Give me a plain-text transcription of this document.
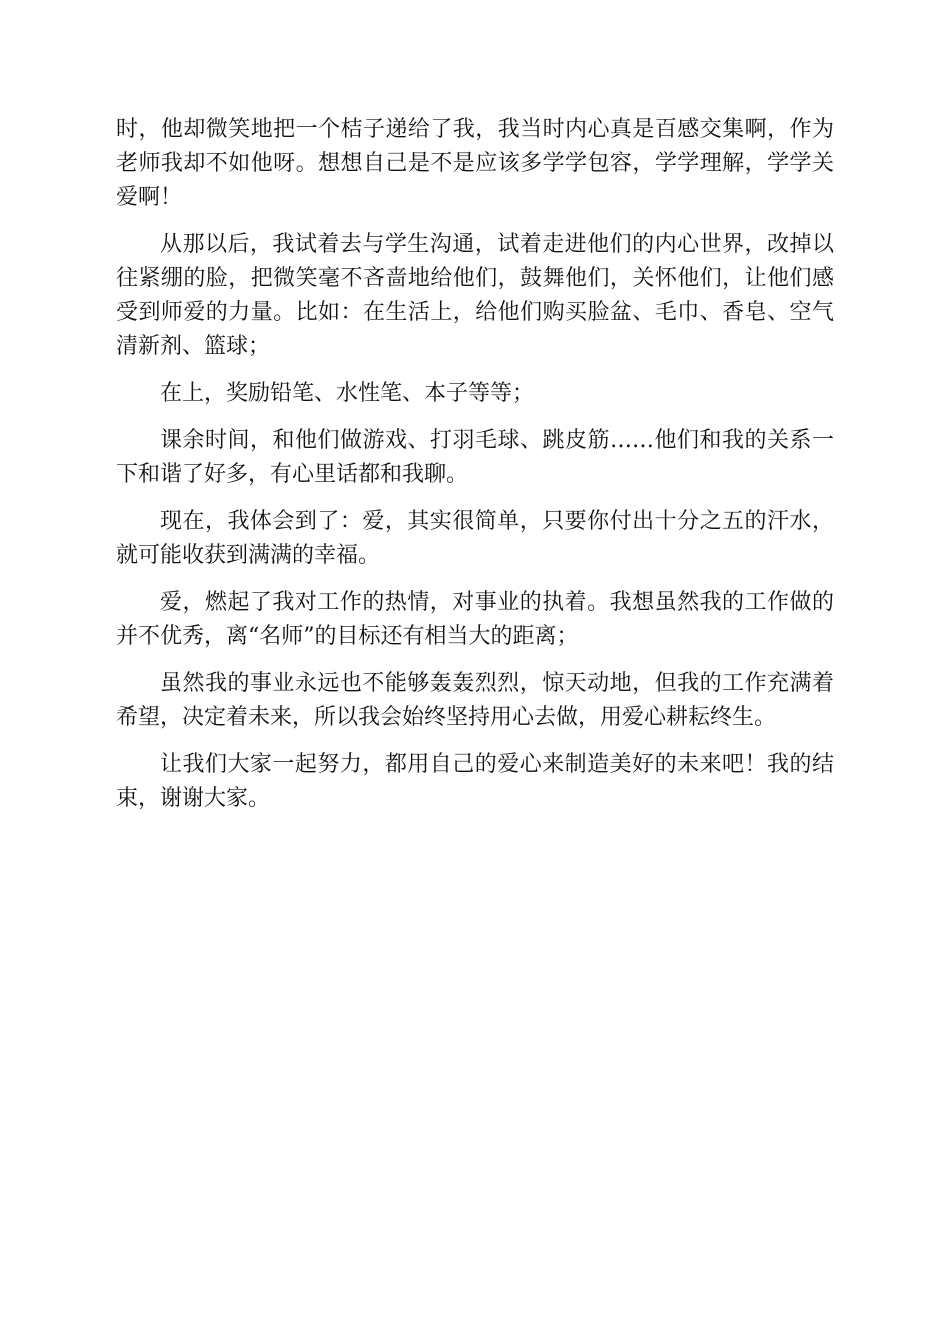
时，他却微笑地把一个桔子递给了我，我当时内心真是百感交集啊，作为老师我却不如他呀。想想自己是不是应该多学学包容，学学理解，学学关爱啊！

从那以后，我试着去与学生沟通，试着走进他们的内心世界，改掉以往紧绷的脸，把微笑毫不吝啬地给他们，鼓舞他们，关怀他们，让他们感受到师爱的力量。比如：在生活上，给他们购买脸盆、毛巾、香皂、空气清新剂、篮球；

在上，奖励铅笔、水性笔、本子等等；

课余时间，和他们做游戏、打羽毛球、跳皮筋……他们和我的关系一下和谐了好多，有心里话都和我聊。

现在，我体会到了：爱，其实很简单，只要你付出十分之五的汗水，就可能收获到满满的幸福。

爱，燃起了我对工作的热情，对事业的执着。我想虽然我的工作做的并不优秀，离“名师”的目标还有相当大的距离；

虽然我的事业永远也不能够轰轰烈烈，惊天动地，但我的工作充满着希望，决定着未来，所以我会始终坚持用心去做，用爱心耕耘终生。

让我们大家一起努力，都用自己的爱心来制造美好的未来吧！我的结束，谢谢大家。
